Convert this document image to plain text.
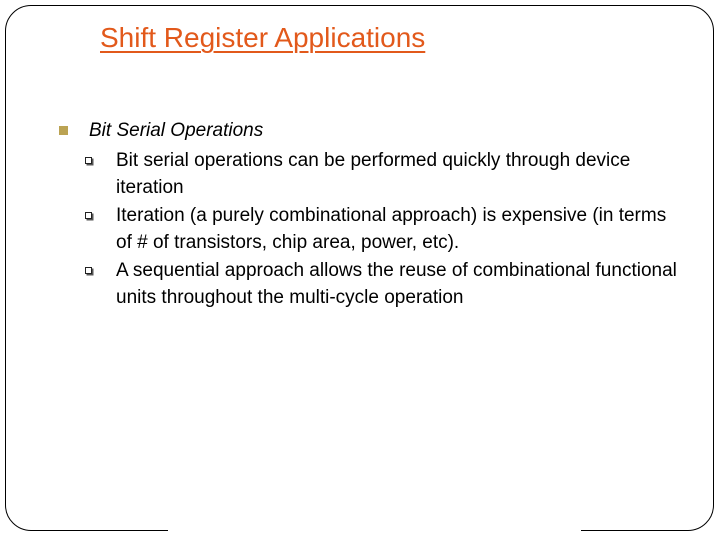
Shift Register Applications
Bit Serial Operations
Bit serial operations can be performed quickly through device iteration
Iteration (a purely combinational approach) is expensive (in terms of # of transistors, chip area, power, etc).
A sequential approach allows the reuse of combinational functional units throughout the multi-cycle operation
